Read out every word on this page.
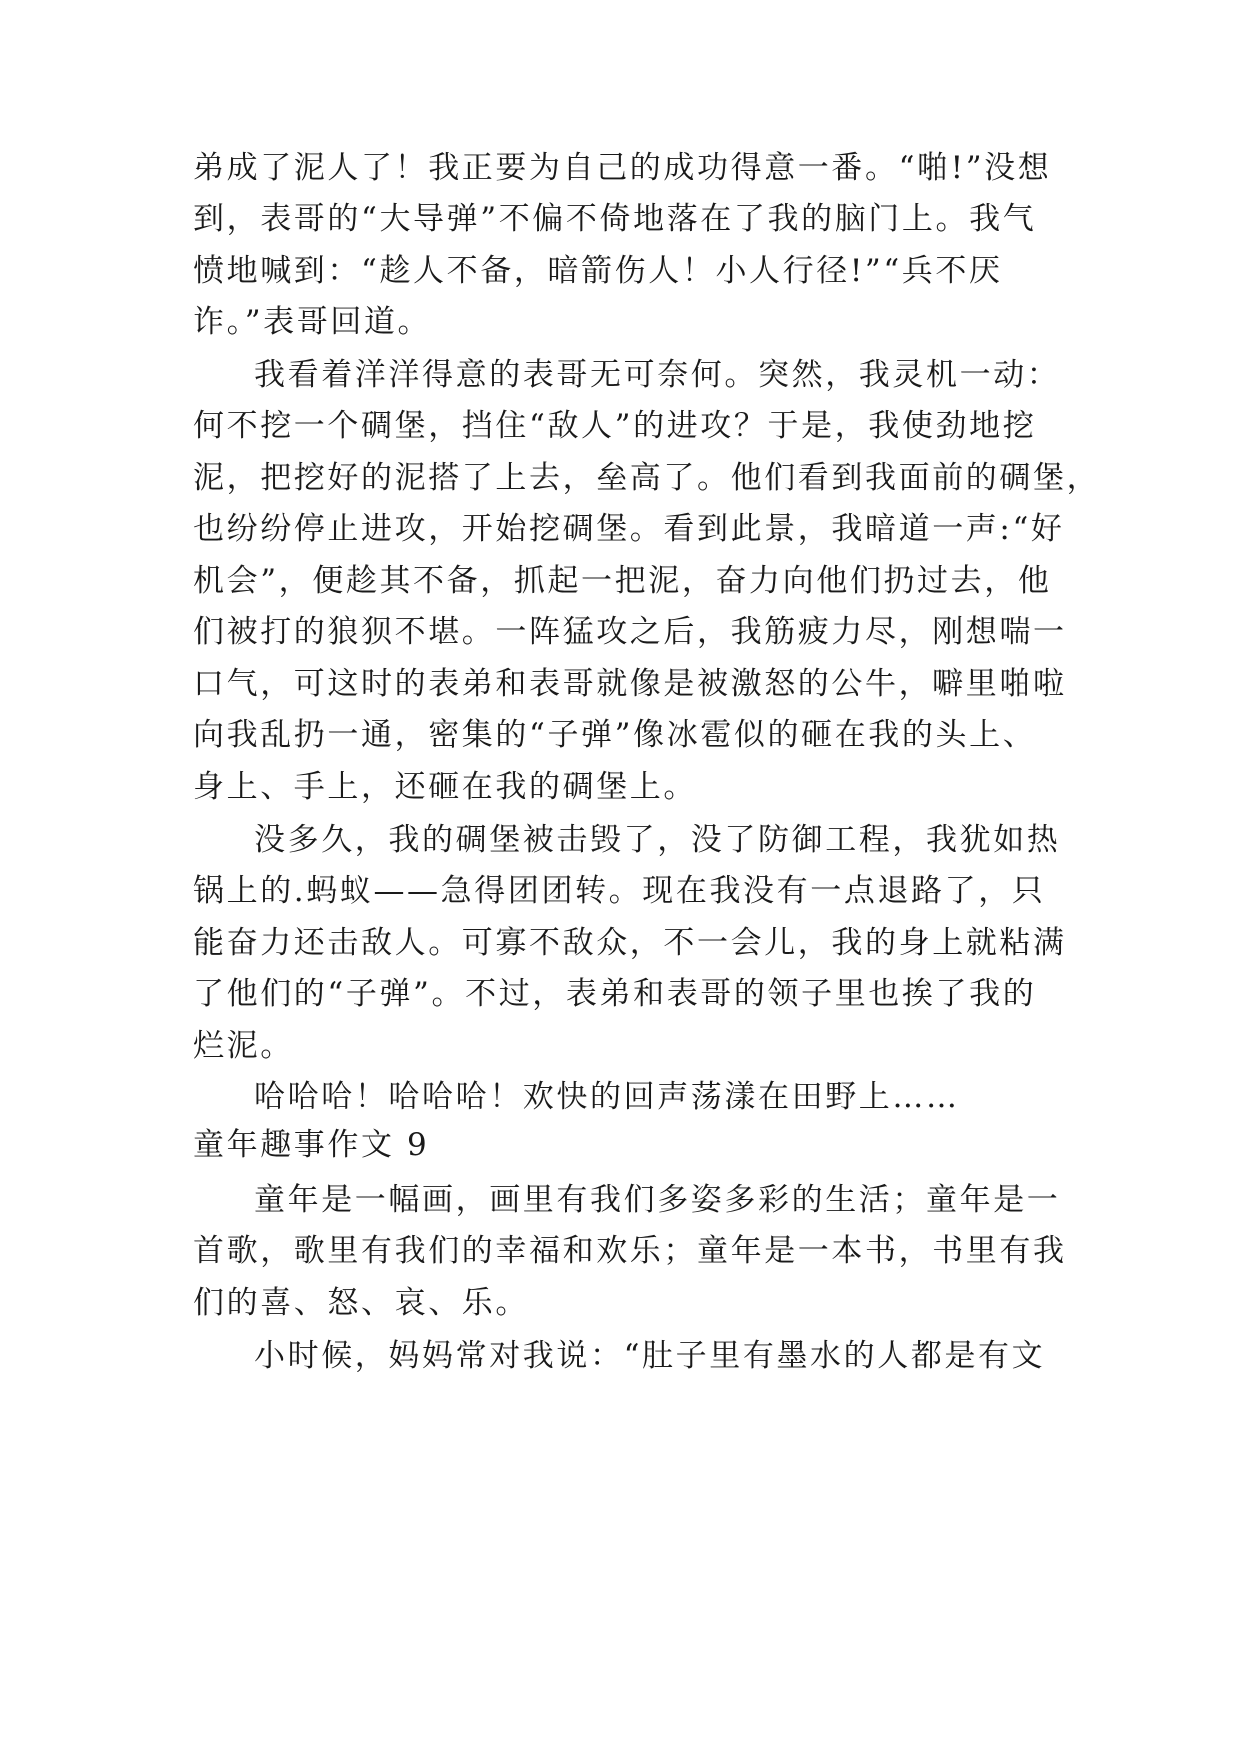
弟成了泥人了！我正要为自己的成功得意一番。“啪!”没想
到，表哥的“大导弹”不偏不倚地落在了我的脑门上。我气
愤地喊到：“趁人不备，暗箭伤人！小人行径!”“兵不厌
诈。”表哥回道。
我看着洋洋得意的表哥无可奈何。突然，我灵机一动：
何不挖一个碉堡，挡住“敌人”的进攻？于是，我使劲地挖
泥，把挖好的泥搭了上去，垒高了。他们看到我面前的碉堡，
也纷纷停止进攻，开始挖碉堡。看到此景，我暗道一声:“好
机会”，便趁其不备，抓起一把泥，奋力向他们扔过去，他
们被打的狼狈不堪。一阵猛攻之后，我筋疲力尽，刚想喘一
口气，可这时的表弟和表哥就像是被激怒的公牛，噼里啪啦
向我乱扔一通，密集的“子弹”像冰雹似的砸在我的头上、
身上、手上，还砸在我的碉堡上。
没多久，我的碉堡被击毁了，没了防御工程，我犹如热
锅上的.蚂蚁——急得团团转。现在我没有一点退路了，只
能奋力还击敌人。可寡不敌众，不一会儿，我的身上就粘满
了他们的“子弹”。不过，表弟和表哥的领子里也挨了我的
烂泥。
哈哈哈！哈哈哈！欢快的回声荡漾在田野上……
童年趣事作文 9
童年是一幅画，画里有我们多姿多彩的生活；童年是一
首歌，歌里有我们的幸福和欢乐；童年是一本书，书里有我
们的喜、怒、哀、乐。
小时候，妈妈常对我说：“肚子里有墨水的人都是有文
